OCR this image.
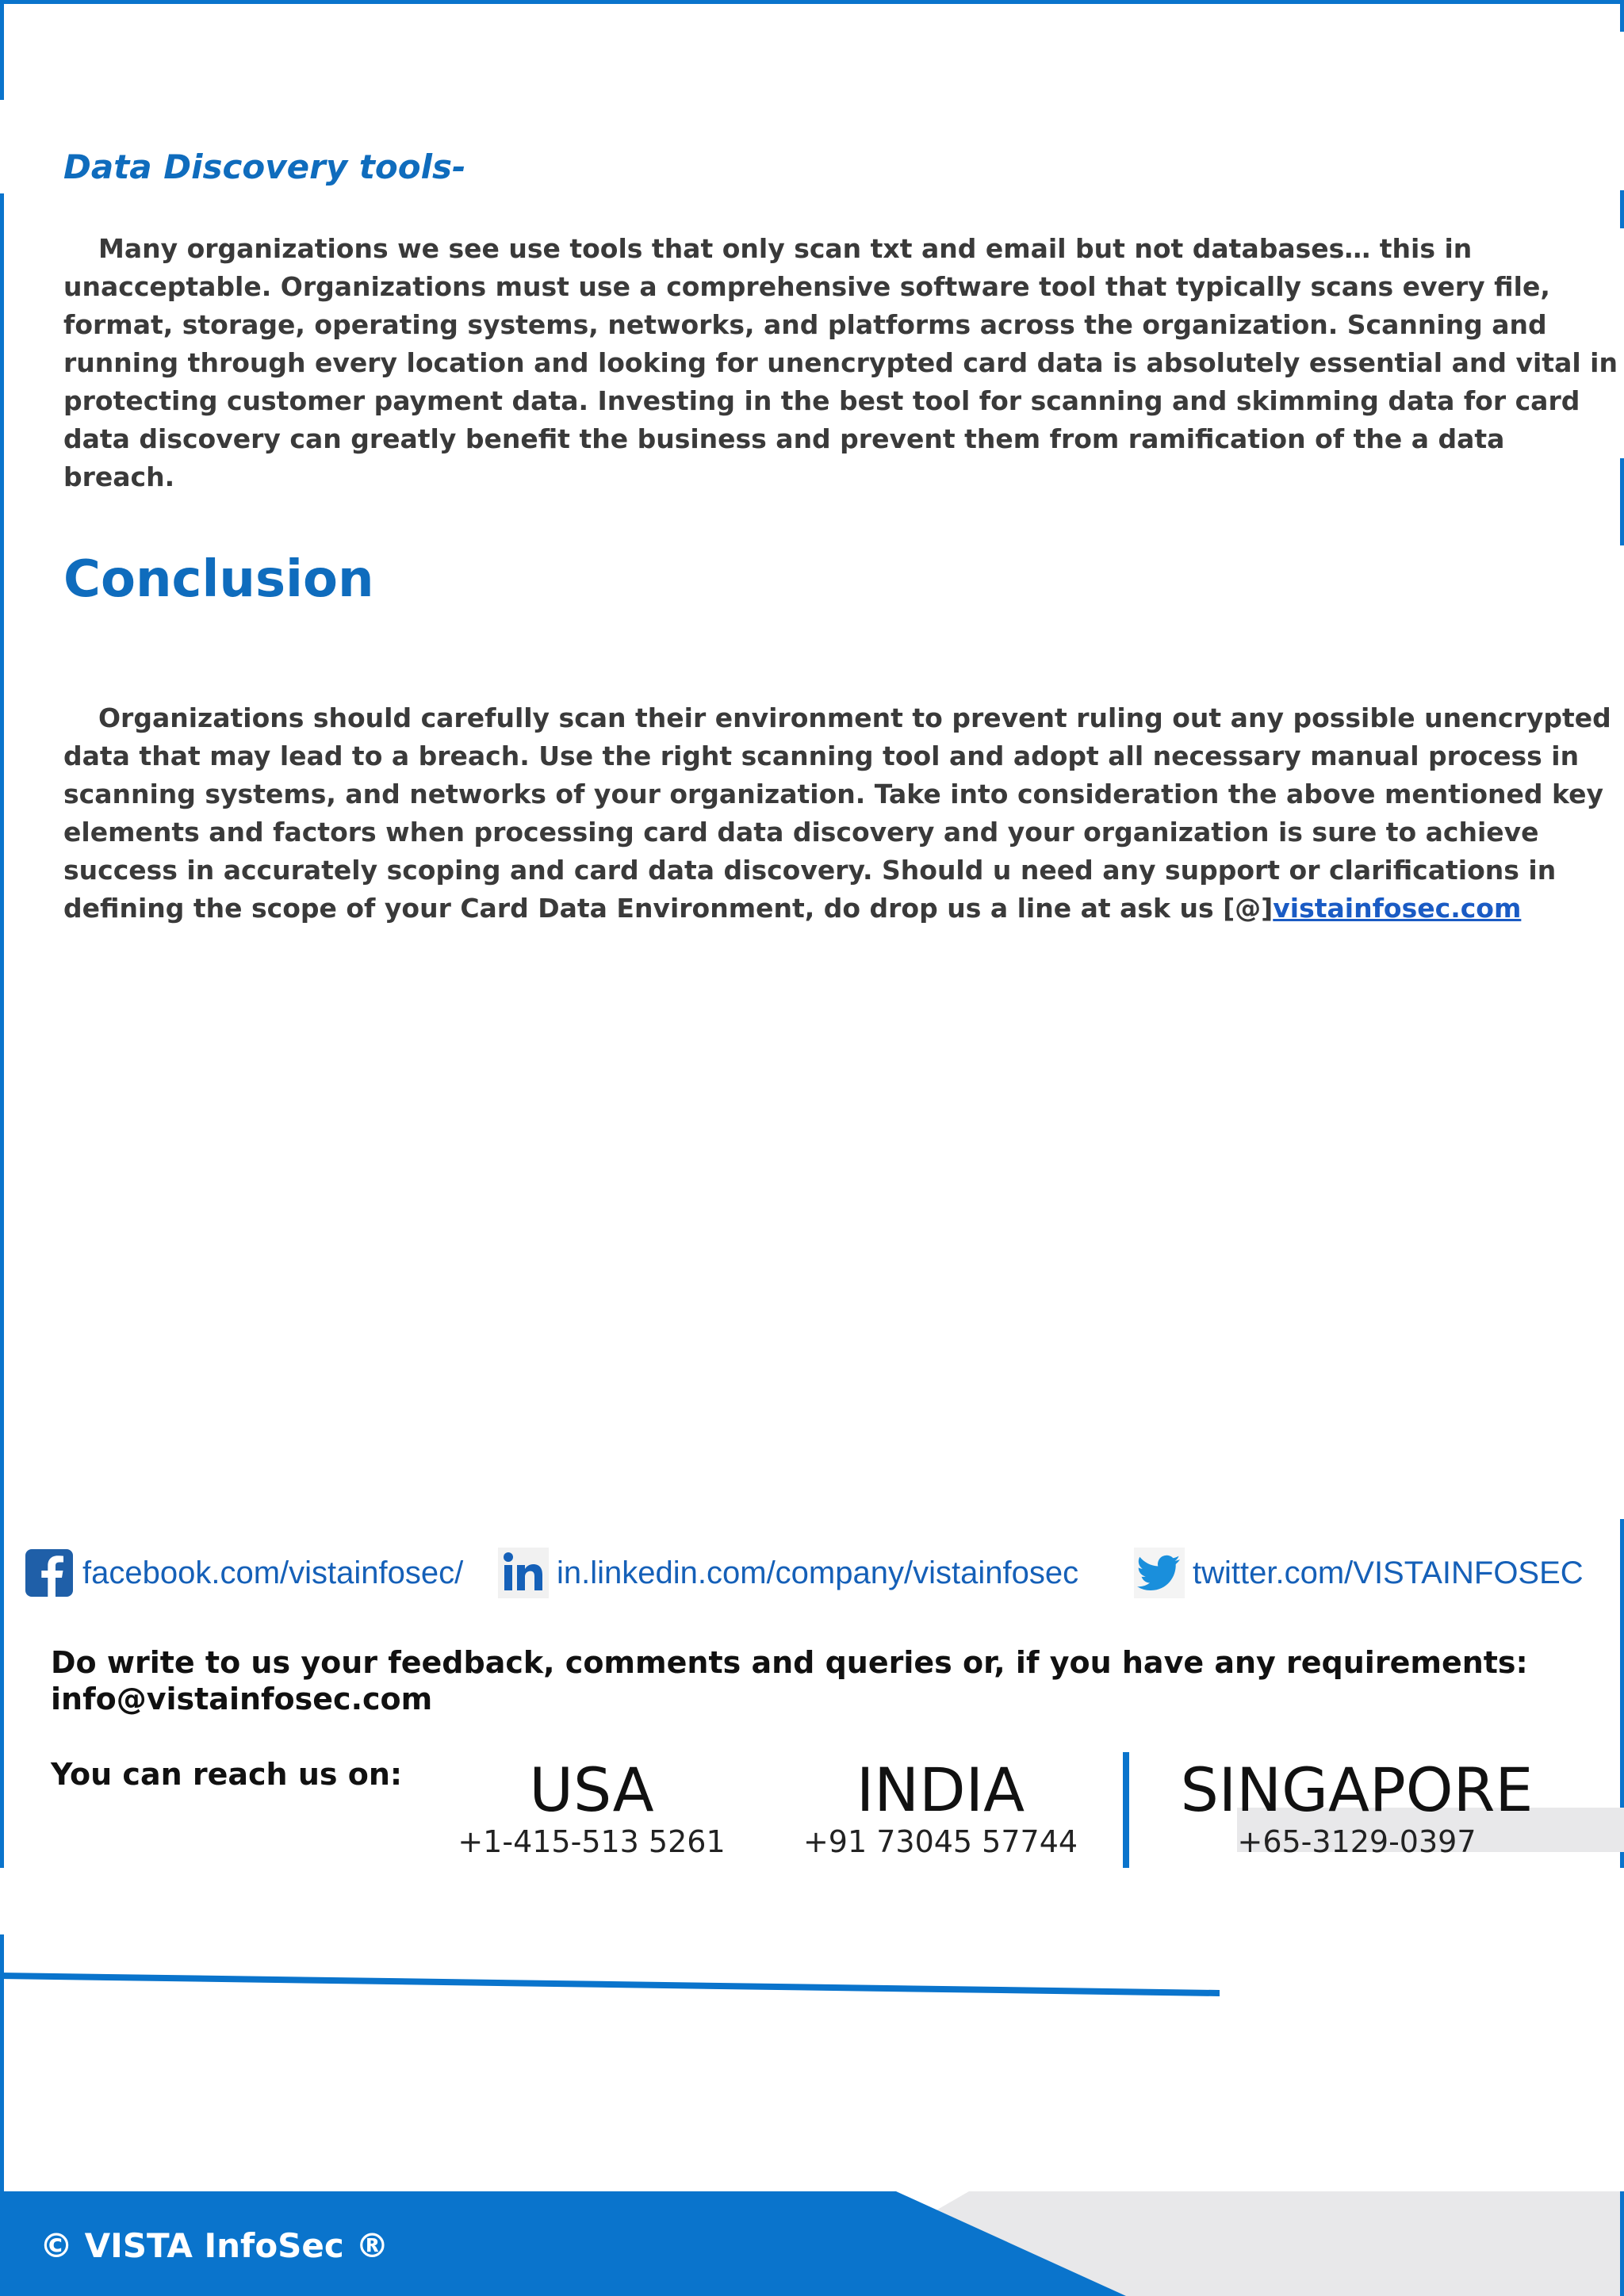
Data Discovery tools-

Many organizations we see use tools that only scan txt and email but not databases… this in unacceptable. Organizations must use a comprehensive software tool that typically scans every file, format, storage, operating systems, networks, and platforms across the organization. Scanning and running through every location and looking for unencrypted card data is absolutely essential and vital in protecting customer payment data. Investing in the best tool for scanning and skimming data for card data discovery can greatly benefit the business and prevent them from ramification of the a data breach.

Conclusion

Organizations should carefully scan their environment to prevent ruling out any possible unencrypted data that may lead to a breach. Use the right scanning tool and adopt all necessary manual process in scanning systems, and networks of your organization. Take into consideration the above mentioned key elements and factors when processing card data discovery and your organization is sure to achieve success in accurately scoping and card data discovery. Should u need any support or clarifications in defining the scope of your Card Data Environment, do drop us a line at ask us [@]vistainfosec.com

facebook.com/vistainfosec/	in.linkedin.com/company/vistainfosec	twitter.com/VISTAINFOSEC

Do write to us your feedback, comments and queries or, if you have any requirements:
info@vistainfosec.com

You can reach us on:	USA
+1-415-513 5261
INDIA
+91 73045 57744
SINGAPORE
+65-3129-0397

© VISTA InfoSec ®
